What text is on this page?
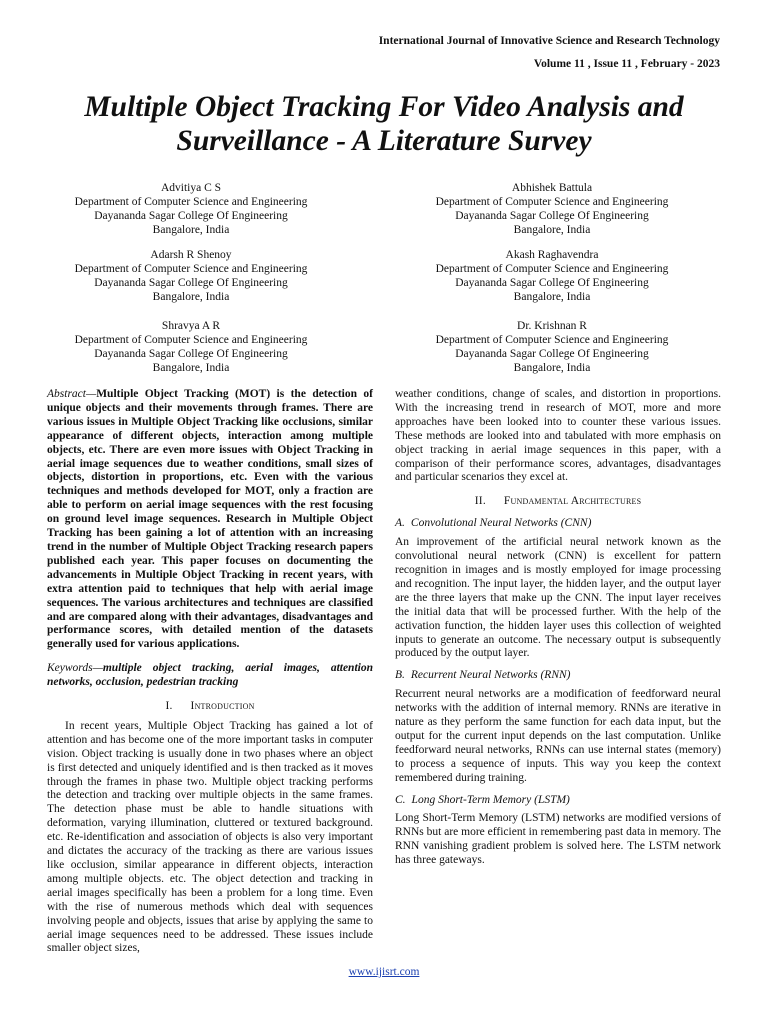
International Journal of Innovative Science and Research Technology
Volume 11 , Issue 11 , February - 2023
Multiple Object Tracking For Video Analysis and
Surveillance - A Literature Survey
Advitiya C S
Department of Computer Science and Engineering
Dayananda Sagar College Of Engineering
Bangalore, India
Abhishek Battula
Department of Computer Science and Engineering
Dayananda Sagar College Of Engineering
Bangalore, India
Adarsh R Shenoy
Department of Computer Science and Engineering
Dayananda Sagar College Of Engineering
Bangalore, India
Akash Raghavendra
Department of Computer Science and Engineering
Dayananda Sagar College Of Engineering
Bangalore, India
Shravya A R
Department of Computer Science and Engineering
Dayananda Sagar College Of Engineering
Bangalore, India
Dr. Krishnan R
Department of Computer Science and Engineering
Dayananda Sagar College Of Engineering
Bangalore, India

Abstract—Multiple Object Tracking (MOT) is the detection of unique objects and their movements through frames. There are various issues in Multiple Object Tracking like occlusions, similar appearance of different objects, interaction among multiple objects, etc. There are even more issues with Object Tracking in aerial image sequences due to weather conditions, small sizes of objects, distortion in proportions, etc. Even with the various techniques and methods developed for MOT, only a fraction are able to perform on aerial image sequences with the rest focusing on ground level image sequences. Research in Multiple Object Tracking has been gaining a lot of attention with an increasing trend in the number of Multiple Object Tracking research papers published each year. This paper focuses on documenting the advancements in Multiple Object Tracking in recent years, with extra attention paid to techniques that help with aerial image sequences. The various architectures and techniques are classified and are compared along with their advantages, disadvantages and performance scores, with detailed mention of the datasets generally used for various applications.

Keywords—multiple object tracking, aerial images, attention networks, occlusion, pedestrian tracking

I. Introduction

In recent years, Multiple Object Tracking has gained a lot of attention and has become one of the more important tasks in computer vision. Object tracking is usually done in two phases where an object is first detected and uniquely identified and is then tracked as it moves through the frames in phase two. Multiple object tracking performs the detection and tracking over multiple objects in the same frames. The detection phase must be able to handle situations with deformation, varying illumination, cluttered or textured background. etc. Re-identification and association of objects is also very important and dictates the accuracy of the tracking as there are various issues like occlusion, similar appearance in different objects, interaction among multiple objects. etc. The object detection and tracking in aerial images specifically has been a problem for a long time. Even with the rise of numerous methods which deal with sequences involving people and objects, issues that arise by applying the same to aerial image sequences need to be addressed. These issues include smaller object sizes,

weather conditions, change of scales, and distortion in proportions. With the increasing trend in research of MOT, more and more approaches have been looked into to counter these various issues. These methods are looked into and tabulated with more emphasis on object tracking in aerial image sequences in this paper, with a comparison of their performance scores, advantages, disadvantages and particular scenarios they excel at.

II. Fundamental Architectures
A. Convolutional Neural Networks (CNN)

An improvement of the artificial neural network known as the convolutional neural network (CNN) is excellent for pattern recognition in images and is mostly employed for image processing and recognition. The input layer, the hidden layer, and the output layer are the three layers that make up the CNN. The input layer receives the initial data that will be processed further. With the help of the activation function, the hidden layer uses this collection of weighted inputs to generate an outcome. The necessary output is subsequently produced by the output layer.

B. Recurrent Neural Networks (RNN)

Recurrent neural networks are a modification of feedforward neural networks with the addition of internal memory. RNNs are iterative in nature as they perform the same function for each data input, but the output for the current input depends on the last computation. Unlike feedforward neural networks, RNNs can use internal states (memory) to process a sequence of inputs. This way you keep the context remembered during training.

C. Long Short-Term Memory (LSTM)

Long Short-Term Memory (LSTM) networks are modified versions of RNNs but are more efficient in remembering past data in memory. The RNN vanishing gradient problem is solved here. The LSTM network has three gateways.

www.ijisrt.com
